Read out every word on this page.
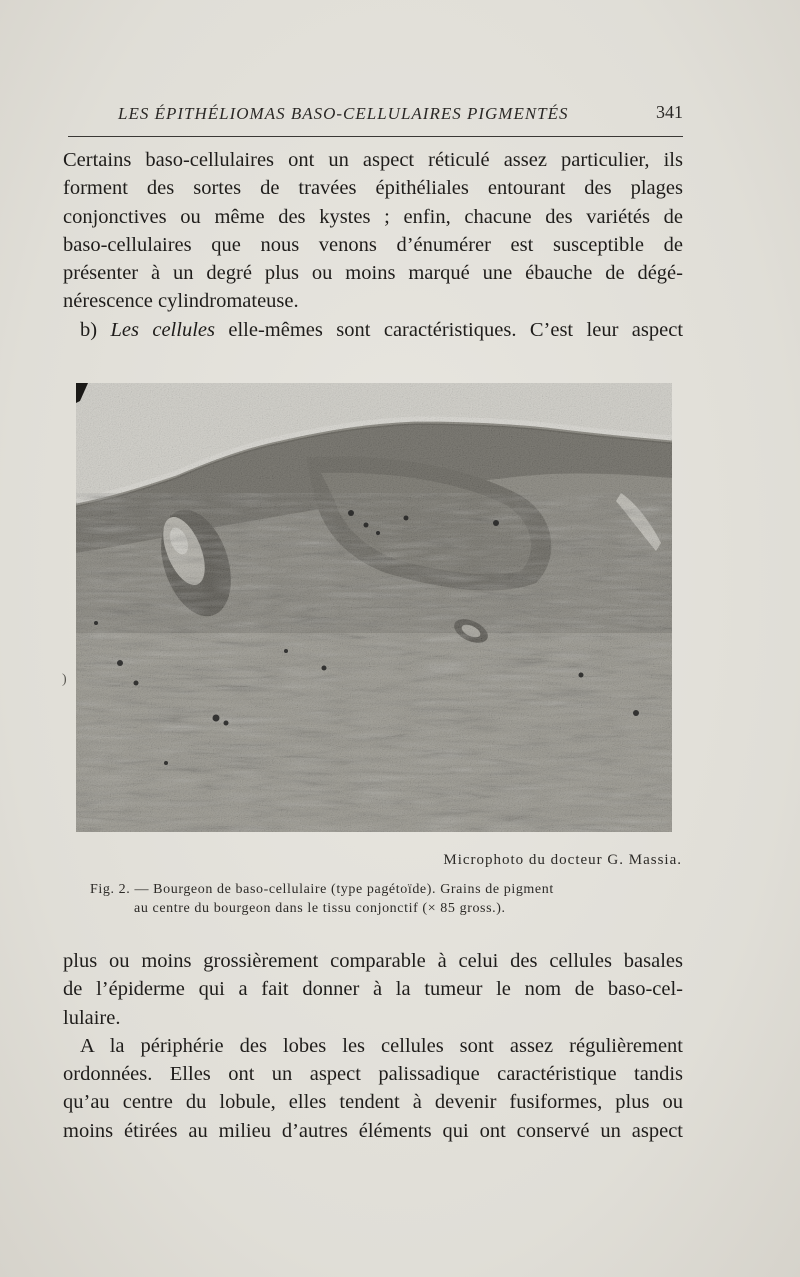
LES ÉPITHÉLIOMAS BASO-CELLULAIRES PIGMENTÉS	341
Certains baso-cellulaires ont un aspect réticulé assez particulier, ils
forment des sortes de travées épithéliales entourant des plages
conjonctives ou même des kystes ; enfin, chacune des variétés de
baso-cellulaires que nous venons d’énumérer est susceptible de
présenter à un degré plus ou moins marqué une ébauche de dégé-
nérescence cylindromateuse.
b) Les cellules elle-mêmes sont caractéristiques. C’est leur aspect
)
Microphoto du docteur G. Massia.
Fig. 2. — Bourgeon de baso-cellulaire (type pagétoïde). Grains de pigment
au centre du bourgeon dans le tissu conjonctif (× 85 gross.).
plus ou moins grossièrement comparable à celui des cellules basales
de l’épiderme qui a fait donner à la tumeur le nom de baso-cel-
lulaire.
A la périphérie des lobes les cellules sont assez régulièrement
ordonnées. Elles ont un aspect palissadique caractéristique tandis
qu’au centre du lobule, elles tendent à devenir fusiformes, plus ou
moins étirées au milieu d’autres éléments qui ont conservé un aspect
